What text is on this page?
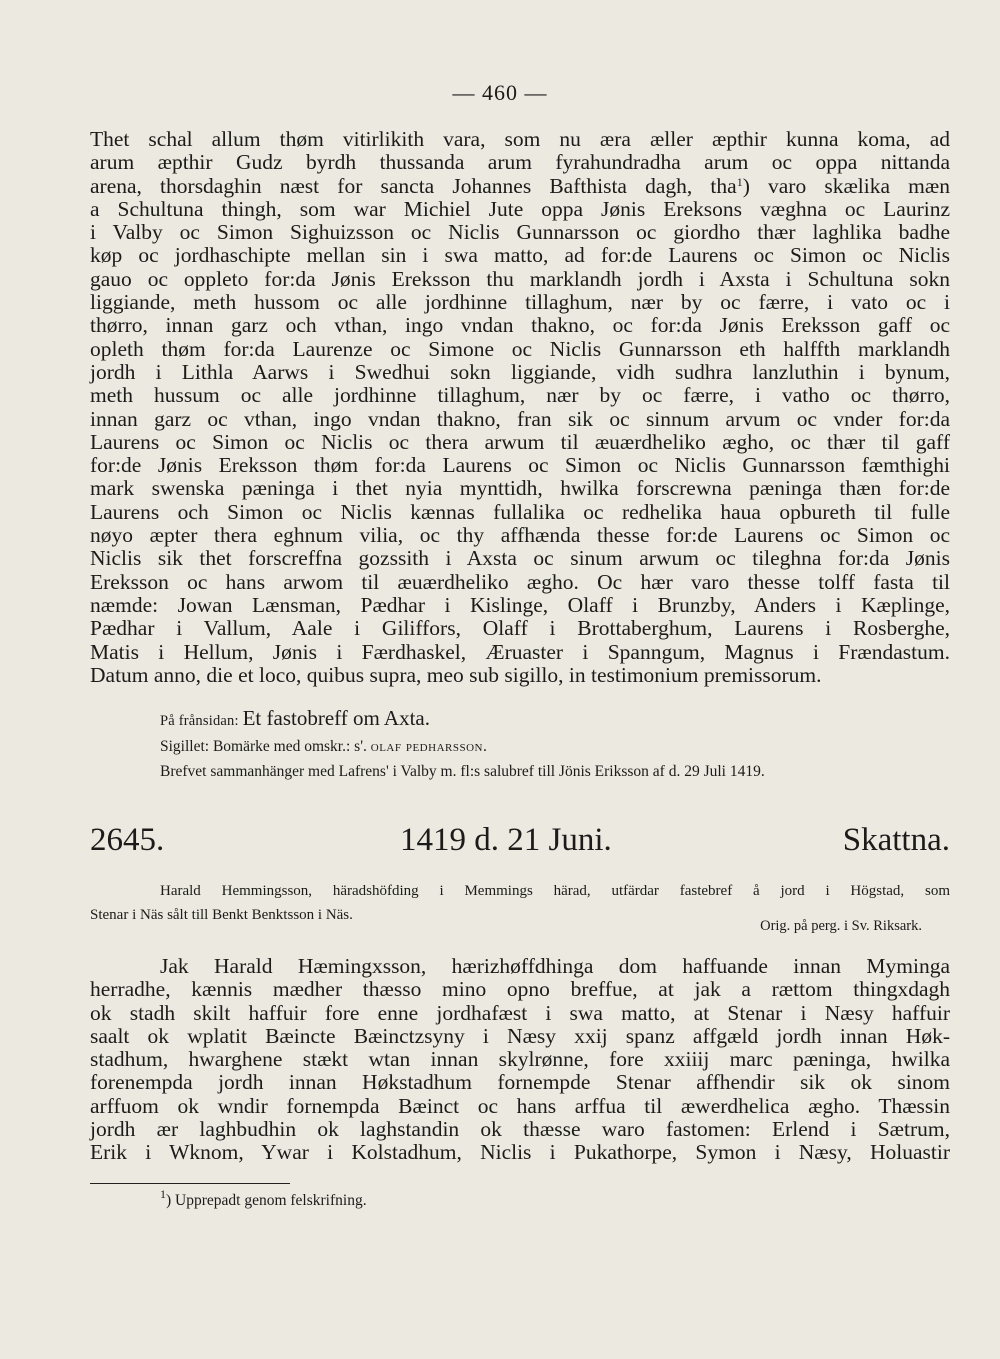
— 460 —
Thet schal allum thøm vitirlikith vara, som nu æra æller æpthir kunna koma, ad
arum æpthir Gudz byrdh thussanda arum fyrahundradha arum oc oppa nittanda
arena, thorsdaghin næst for sancta Johannes Bafthista dagh, tha$^1$) varo skælika mæn
a Schultuna thingh, som war Michiel Jute oppa Jønis Ereksons væghna oc Laurinz
i Valby oc Simon Sighuizsson oc Niclis Gunnarsson oc giordho thær laghlika badhe
køp oc jordhaschipte mellan sin i swa matto, ad for:de Laurens oc Simon oc Niclis
gauo oc oppleto for:da Jønis Ereksson thu marklandh jordh i Axsta i Schultuna sokn
liggiande, meth hussom oc alle jordhinne tillaghum, nær by oc færre, i vato oc i
thørro, innan garz och vthan, ingo vndan thakno, oc for:da Jønis Ereksson gaff oc
opleth thøm for:da Laurenze oc Simone oc Niclis Gunnarsson eth halffth marklandh
jordh i Lithla Aarws i Swedhui sokn liggiande, vidh sudhra lanzluthin i bynum,
meth hussum oc alle jordhinne tillaghum, nær by oc færre, i vatho oc thørro,
innan garz oc vthan, ingo vndan thakno, fran sik oc sinnum arvum oc vnder for:da
Laurens oc Simon oc Niclis oc thera arwum til æuærdheliko ægho, oc thær til gaff
for:de Jønis Ereksson thøm for:da Laurens oc Simon oc Niclis Gunnarsson fæmthighi
mark swenska pæninga i thet nyia mynttidh, hwilka forscrewna pæninga thæn for:de
Laurens och Simon oc Niclis kænnas fullalika oc redhelika haua opbureth til fulle
nøyo æpter thera eghnum vilia, oc thy affhænda thesse for:de Laurens oc Simon oc
Niclis sik thet forscreffna gozssith i Axsta oc sinum arwum oc tileghna for:da Jønis
Ereksson oc hans arwom til æuærdheliko ægho. Oc hær varo thesse tolff fasta til
næmde: Jowan Lænsman, Pædhar i Kislinge, Olaff i Brunzby, Anders i Kæplinge,
Pædhar i Vallum, Aale i Giliffors, Olaff i Brottaberghum, Laurens i Rosberghe,
Matis i Hellum, Jønis i Færdhaskel, Æruaster i Spanngum, Magnus i Frændastum.
Datum anno, die et loco, quibus supra, meo sub sigillo, in testimonium premissorum.
På frånsidan: Et fastobreff om Axta.
Sigillet: Bomärke med omskr.: s'. olaf pedharsson.
Brefvet sammanhänger med Lafrens' i Valby m. fl:s salubref till Jönis Eriksson af d. 29 Juli 1419.
2645.	1419 d. 21 Juni.	Skattna.
Harald Hemmingsson, häradshöfding i Memmings härad, utfärdar fastebref å jord i Högstad, som
Stenar i Näs sålt till Benkt Benktsson i Näs.
Orig. på perg. i Sv. Riksark.
Jak Harald Hæmingxsson, hærizhøffdhinga dom haffuande innan Myminga
herradhe, kænnis mædher thæsso mino opno breffue, at jak a rættom thingxdagh
ok stadh skilt haffuir fore enne jordhafæst i swa matto, at Stenar i Næsy haffuir
saalt ok wplatit Bæincte Bæinctzsyny i Næsy xxij spanz affgæld jordh innan Høk-
stadhum, hwarghene stækt wtan innan skylrønne, fore xxiiij marc pæninga, hwilka
forenempda jordh innan Høkstadhum fornempde Stenar affhendir sik ok sinom
arffuom ok wndir fornempda Bæinct oc hans arffua til æwerdhelica ægho. Thæssin
jordh ær laghbudhin ok laghstandin ok thæsse waro fastomen: Erlend i Sætrum,
Erik i Wknom, Ywar i Kolstadhum, Niclis i Pukathorpe, Symon i Næsy, Holuastir
$^1$) Upprepadt genom felskrifning.
